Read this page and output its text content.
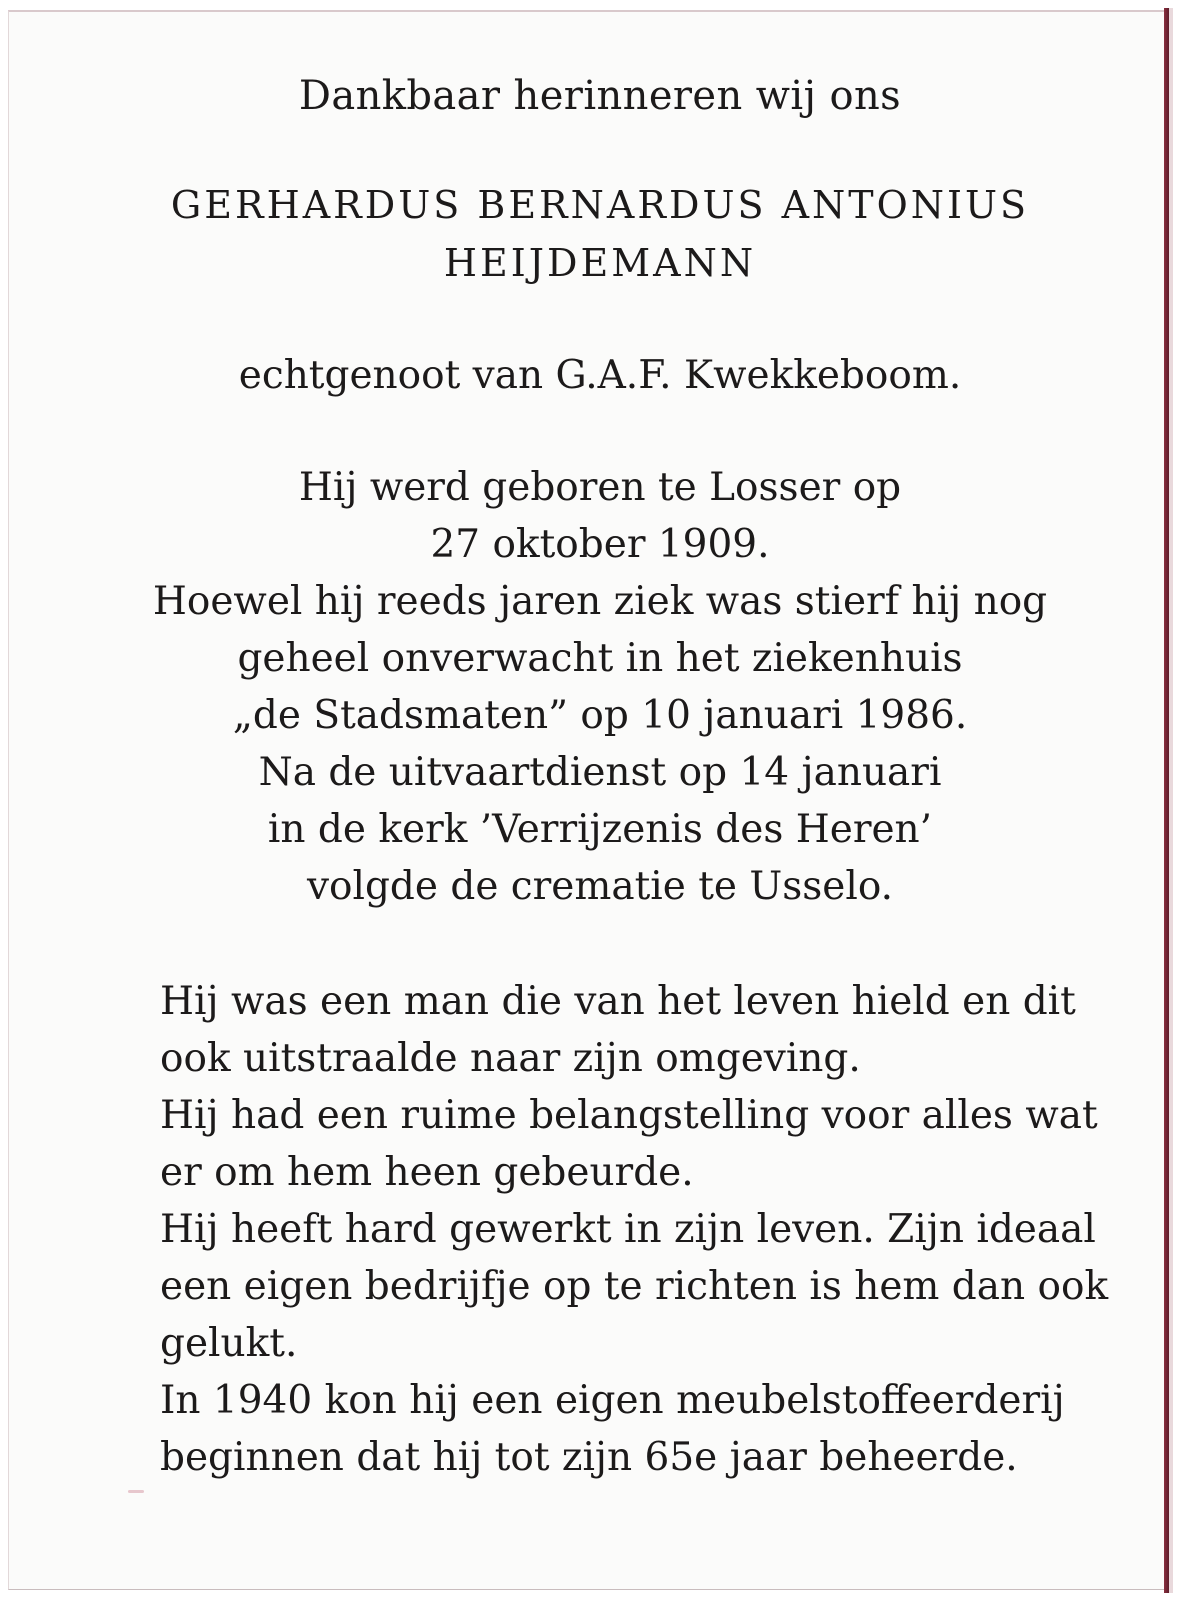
Dankbaar herinneren wij ons

GERHARDUS BERNARDUS ANTONIUS

HEIJDEMANN

echtgenoot van G.A.F. Kwekkeboom.

Hij werd geboren te Losser op

27 oktober 1909.

Hoewel hij reeds jaren ziek was stierf hij nog

geheel onverwacht in het ziekenhuis

„de Stadsmaten” op 10 januari 1986.

Na de uitvaartdienst op 14 januari

in de kerk ’Verrijzenis des Heren’

volgde de crematie te Usselo.

Hij was een man die van het leven hield en dit

ook uitstraalde naar zijn omgeving.

Hij had een ruime belangstelling voor alles wat

er om hem heen gebeurde.

Hij heeft hard gewerkt in zijn leven. Zijn ideaal

een eigen bedrijfje op te richten is hem dan ook

gelukt.

In 1940 kon hij een eigen meubelstoffeerderij

beginnen dat hij tot zijn 65e jaar beheerde.
